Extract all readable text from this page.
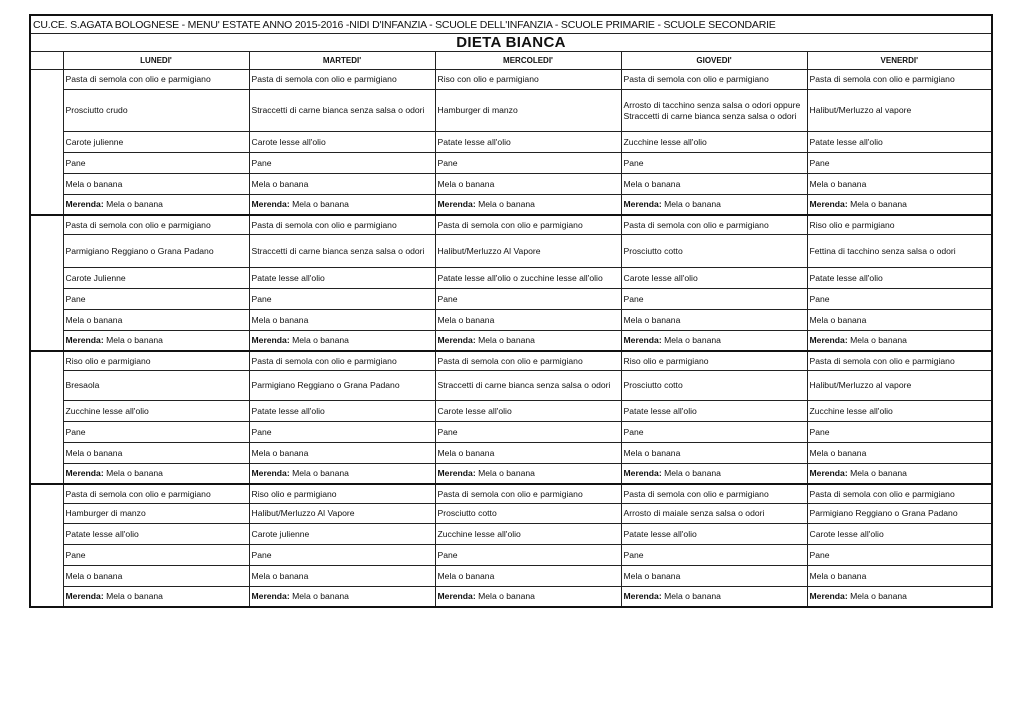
CU.CE. S.AGATA BOLOGNESE - MENU' ESTATE ANNO 2015-2016 -NIDI D'INFANZIA - SCUOLE DELL'INFANZIA - SCUOLE PRIMARIE - SCUOLE SECONDARIE					
DIETA BIANCA					
	LUNEDI'	MARTEDI'	MERCOLEDI'	GIOVEDI'	VENERDI'
	Pasta di semola con olio e parmigiano	Pasta di semola con olio e parmigiano	Riso con olio e parmigiano	Pasta di semola con olio e parmigiano	Pasta di semola con olio e parmigiano
	Prosciutto crudo	Straccetti di carne bianca senza salsa o odori	Hamburger di manzo	Arrosto di tacchino senza salsa o odori oppure Straccetti di carne bianca senza salsa o odori	Halibut/Merluzzo al vapore
	Carote julienne	Carote lesse all'olio	Patate lesse all'olio	Zucchine lesse all'olio	Patate lesse all'olio
	Pane	Pane	Pane	Pane	Pane
	Mela o banana	Mela o banana	Mela o banana	Mela o banana	Mela o banana
	Merenda: Mela o banana	Merenda: Mela o banana	Merenda: Mela o banana	Merenda: Mela o banana	Merenda: Mela o banana
	Pasta di semola con olio e parmigiano	Pasta di semola con olio e parmigiano	Pasta di semola con olio e parmigiano	Pasta di semola con olio e parmigiano	Riso olio e parmigiano
	Parmigiano Reggiano o Grana Padano	Straccetti di carne bianca senza salsa o odori	Halibut/Merluzzo Al Vapore	Prosciutto cotto	Fettina di tacchino senza salsa o odori
	Carote Julienne	Patate lesse all'olio	Patate lesse all'olio o zucchine lesse all'olio	Carote lesse all'olio	Patate lesse all'olio
	Pane	Pane	Pane	Pane	Pane
	Mela o banana	Mela o banana	Mela o banana	Mela o banana	Mela o banana
	Merenda: Mela o banana	Merenda: Mela o banana	Merenda: Mela o banana	Merenda: Mela o banana	Merenda: Mela o banana
	Riso olio e parmigiano	Pasta di semola con olio e parmigiano	Pasta di semola con olio e parmigiano	Riso olio e parmigiano	Pasta di semola con olio e parmigiano
	Bresaola	Parmigiano Reggiano o Grana Padano	Straccetti di carne bianca senza salsa o odori	Prosciutto cotto	Halibut/Merluzzo al vapore
	Zucchine lesse all'olio	Patate lesse all'olio	Carote lesse all'olio	Patate lesse all'olio	Zucchine lesse all'olio
	Pane	Pane	Pane	Pane	Pane
	Mela o banana	Mela o banana	Mela o banana	Mela o banana	Mela o banana
	Merenda: Mela o banana	Merenda: Mela o banana	Merenda: Mela o banana	Merenda: Mela o banana	Merenda: Mela o banana
	Pasta di semola con olio e parmigiano	Riso olio e parmigiano	Pasta di semola con olio e parmigiano	Pasta di semola con olio e parmigiano	Pasta di semola con olio e parmigiano
	Hamburger di manzo	Halibut/Merluzzo Al Vapore	Prosciutto cotto	Arrosto di maiale senza salsa o odori	Parmigiano Reggiano o Grana Padano
	Patate lesse all'olio	Carote julienne	Zucchine lesse all'olio	Patate lesse all'olio	Carote lesse all'olio
	Pane	Pane	Pane	Pane	Pane
	Mela o banana	Mela o banana	Mela o banana	Mela o banana	Mela o banana
	Merenda: Mela o banana	Merenda: Mela o banana	Merenda: Mela o banana	Merenda: Mela o banana	Merenda: Mela o banana
